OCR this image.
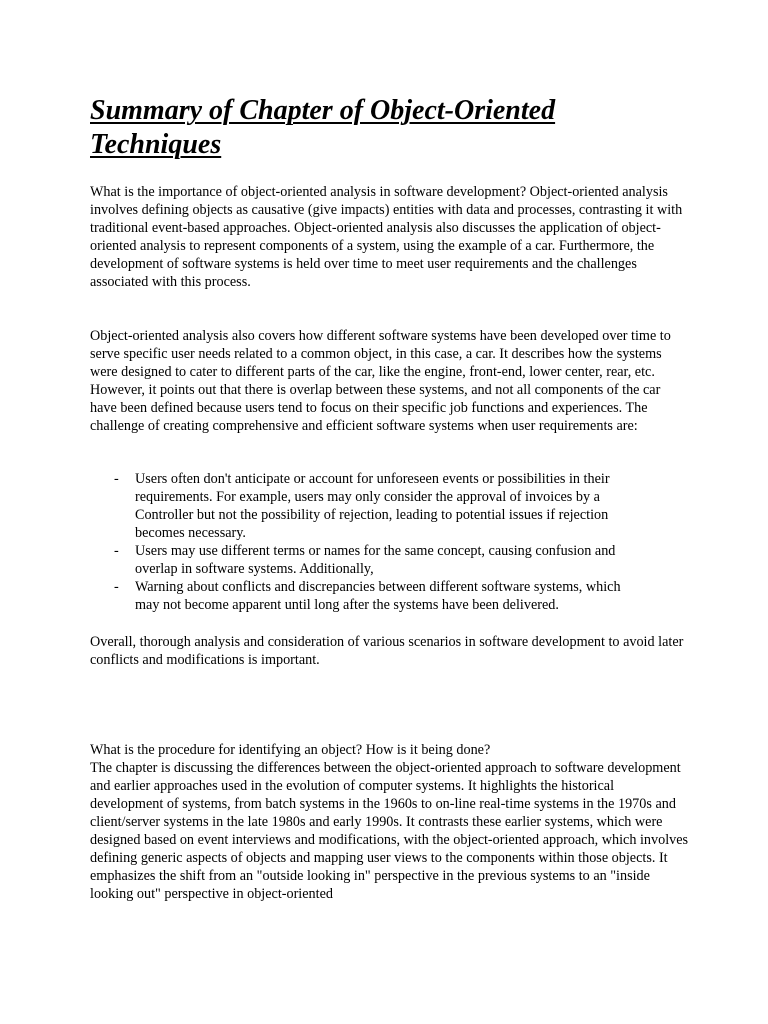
Summary of Chapter of Object-Oriented Techniques

What is the importance of object-oriented analysis in software development? Object-oriented analysis involves defining objects as causative (give impacts) entities with data and processes, contrasting it with traditional event-based approaches. Object-oriented analysis also discusses the application of object-oriented analysis to represent components of a system, using the example of a car. Furthermore, the development of software systems is held over time to meet user requirements and the challenges associated with this process.

Object-oriented analysis also covers how different software systems have been developed over time to serve specific user needs related to a common object, in this case, a car. It describes how the systems were designed to cater to different parts of the car, like the engine, front-end, lower center, rear, etc. However, it points out that there is overlap between these systems, and not all components of the car have been defined because users tend to focus on their specific job functions and experiences. The challenge of creating comprehensive and efficient software systems when user requirements are:

- Users often don't anticipate or account for unforeseen events or possibilities in their requirements. For example, users may only consider the approval of invoices by a Controller but not the possibility of rejection, leading to potential issues if rejection becomes necessary.
- Users may use different terms or names for the same concept, causing confusion and overlap in software systems. Additionally,
- Warning about conflicts and discrepancies between different software systems, which may not become apparent until long after the systems have been delivered.

Overall, thorough analysis and consideration of various scenarios in software development to avoid later conflicts and modifications is important.

What is the procedure for identifying an object? How is it being done?

The chapter is discussing the differences between the object-oriented approach to software development and earlier approaches used in the evolution of computer systems. It highlights the historical development of systems, from batch systems in the 1960s to on-line real-time systems in the 1970s and client/server systems in the late 1980s and early 1990s. It contrasts these earlier systems, which were designed based on event interviews and modifications, with the object-oriented approach, which involves defining generic aspects of objects and mapping user views to the components within those objects. It emphasizes the shift from an "outside looking in" perspective in the previous systems to an "inside looking out" perspective in object-oriented
